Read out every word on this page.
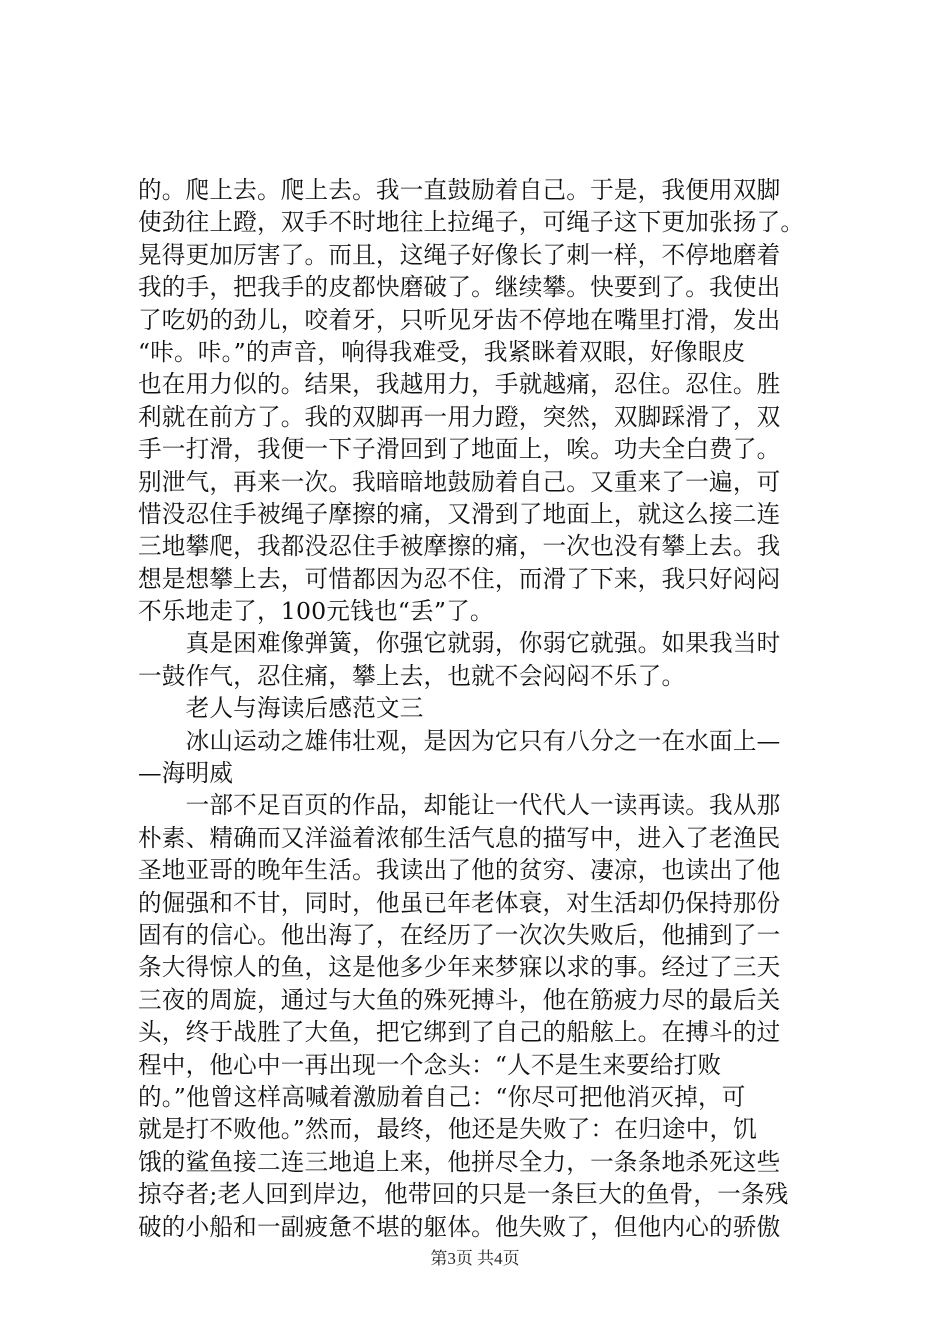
的。爬上去。爬上去。我一直鼓励着自己。于是，我便用双脚
使劲往上蹬，双手不时地往上拉绳子，可绳子这下更加张扬了。
晃得更加厉害了。而且，这绳子好像长了刺一样，不停地磨着
我的手，把我手的皮都快磨破了。继续攀。快要到了。我使出
了吃奶的劲儿，咬着牙，只听见牙齿不停地在嘴里打滑，发出
“咔。咔。”的声音，响得我难受，我紧眯着双眼，好像眼皮
也在用力似的。结果，我越用力，手就越痛，忍住。忍住。胜
利就在前方了。我的双脚再一用力蹬，突然，双脚踩滑了，双
手一打滑，我便一下子滑回到了地面上，唉。功夫全白费了。
别泄气，再来一次。我暗暗地鼓励着自己。又重来了一遍，可
惜没忍住手被绳子摩擦的痛，又滑到了地面上，就这么接二连
三地攀爬，我都没忍住手被摩擦的痛，一次也没有攀上去。我
想是想攀上去，可惜都因为忍不住，而滑了下来，我只好闷闷
不乐地走了，100元钱也“丢”了。
　　真是困难像弹簧，你强它就弱，你弱它就强。如果我当时
一鼓作气，忍住痛，攀上去，也就不会闷闷不乐了。
　　老人与海读后感范文三
　　冰山运动之雄伟壮观，是因为它只有八分之一在水面上—
—海明威
　　一部不足百页的作品，却能让一代代人一读再读。我从那
朴素、精确而又洋溢着浓郁生活气息的描写中，进入了老渔民
圣地亚哥的晚年生活。我读出了他的贫穷、凄凉，也读出了他
的倔强和不甘，同时，他虽已年老体衰，对生活却仍保持那份
固有的信心。他出海了，在经历了一次次失败后，他捕到了一
条大得惊人的鱼，这是他多少年来梦寐以求的事。经过了三天
三夜的周旋，通过与大鱼的殊死搏斗，他在筋疲力尽的最后关
头，终于战胜了大鱼，把它绑到了自己的船舷上。在搏斗的过
程中，他心中一再出现一个念头：“人不是生来要给打败
的。”他曾这样高喊着激励着自己：“你尽可把他消灭掉，可
就是打不败他。”然而，最终，他还是失败了：在归途中，饥
饿的鲨鱼接二连三地追上来，他拼尽全力，一条条地杀死这些
掠夺者;老人回到岸边，他带回的只是一条巨大的鱼骨，一条残
破的小船和一副疲惫不堪的躯体。他失败了，但他内心的骄傲
第3页 共4页
